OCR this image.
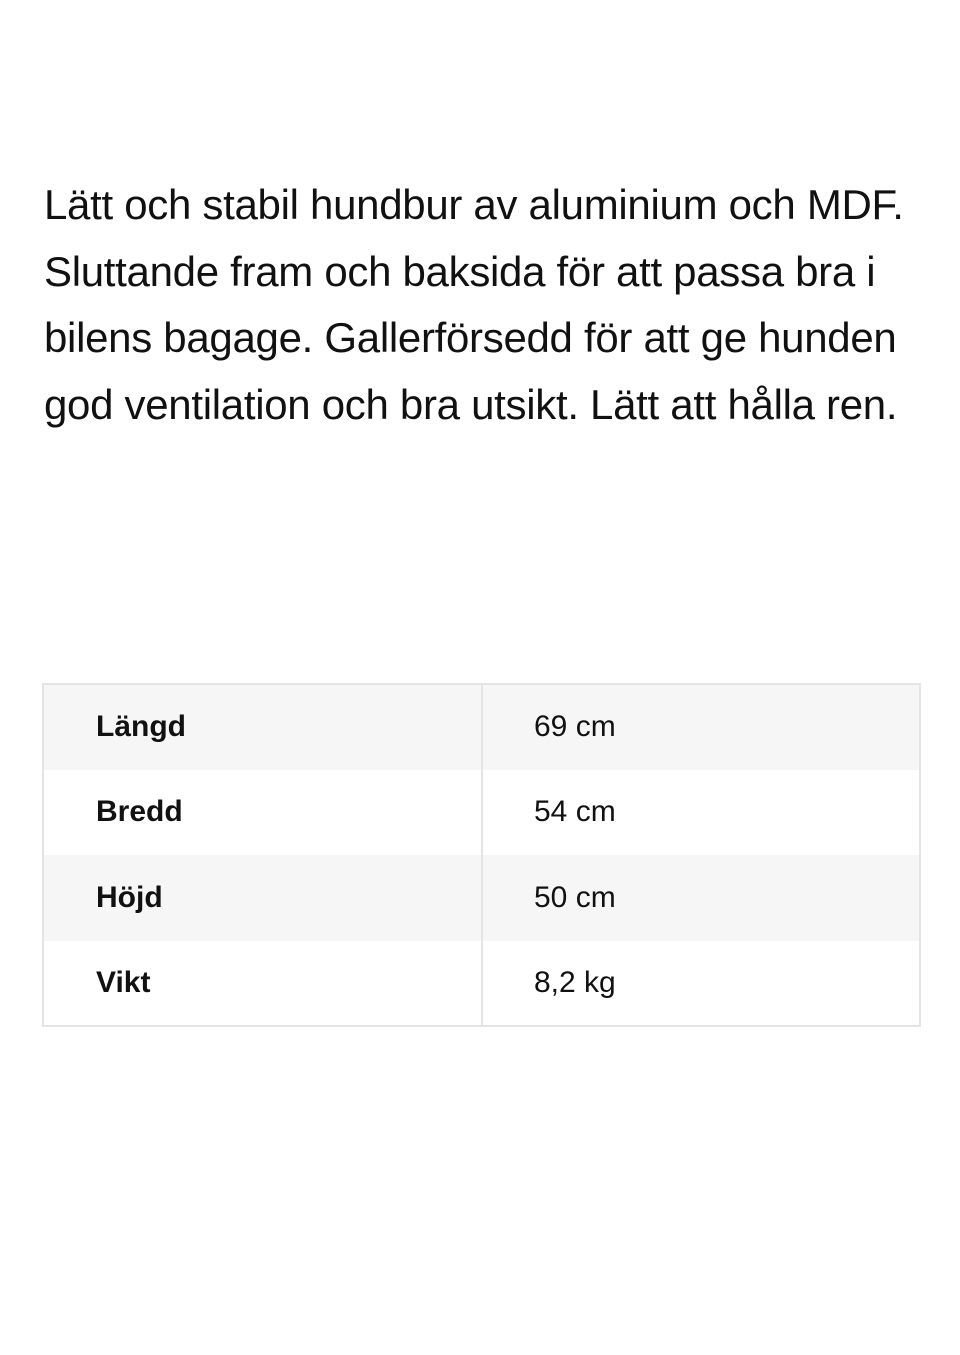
Lätt och stabil hundbur av aluminium och MDF. Sluttande fram och baksida för att passa bra i bilens bagage. Gallerförsedd för att ge hunden god ventilation och bra utsikt. Lätt att hålla ren.

Längd	69 cm
Bredd	54 cm
Höjd	50 cm
Vikt	8,2 kg
